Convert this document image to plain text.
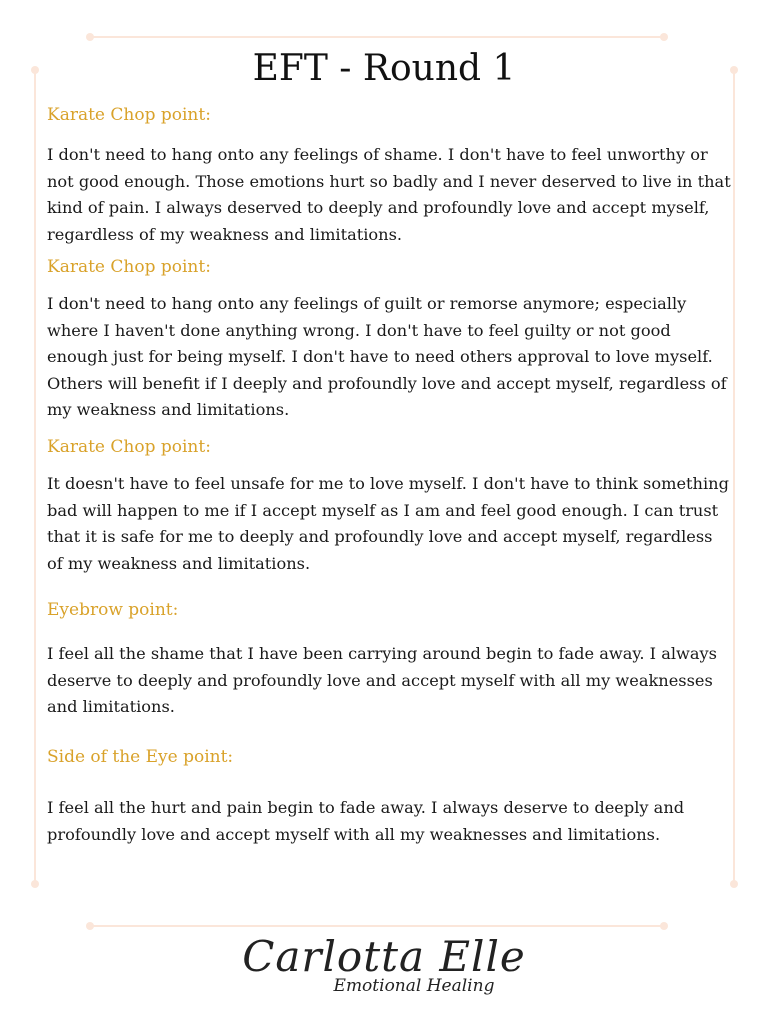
EFT - Round 1
Karate Chop point:

I don't need to hang onto any feelings of shame. I don't have to feel unworthy or not good enough. Those emotions hurt so badly and I never deserved to live in that kind of pain. I always deserved to deeply and profoundly love and accept myself, regardless of my weakness and limitations.

Karate Chop point:

I don't need to hang onto any feelings of guilt or remorse anymore; especially where I haven't done anything wrong. I don't have to feel guilty or not good enough just for being myself. I don't have to need others approval to love myself. Others will benefit if I deeply and profoundly love and accept myself, regardless of my weakness and limitations.

Karate Chop point:

It doesn't have to feel unsafe for me to love myself. I don't have to think something bad will happen to me if I accept myself as I am and feel good enough. I can trust that it is safe for me to deeply and profoundly love and accept myself, regardless of my weakness and limitations.

Eyebrow point:

I feel all the shame that I have been carrying around begin to fade away. I always deserve to deeply and profoundly love and accept myself with all my weaknesses and limitations.

Side of the Eye point:

I feel all the hurt and pain begin to fade away. I always deserve to deeply and profoundly love and accept myself with all my weaknesses and limitations.

Carlotta Elle
Emotional Healing
